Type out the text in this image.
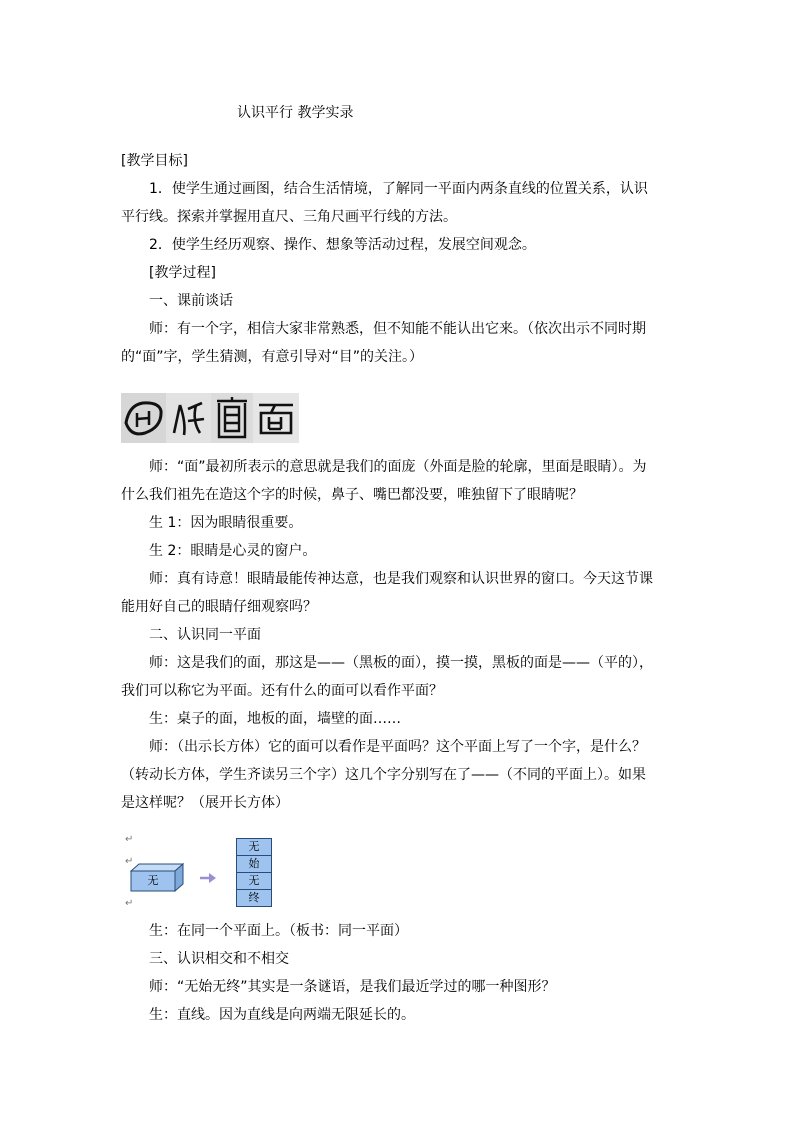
认识平行 教学实录
[教学目标]
1．使学生通过画图，结合生活情境，了解同一平面内两条直线的位置关系，认识
平行线。探索并掌握用直尺、三角尺画平行线的方法。
2．使学生经历观察、操作、想象等活动过程，发展空间观念。
[教学过程]
一、课前谈话
师：有一个字，相信大家非常熟悉，但不知能不能认出它来。（依次出示不同时期
的“面”字，学生猜测，有意引导对“目”的关注。）
师：“面”最初所表示的意思就是我们的面庞（外面是脸的轮廓，里面是眼睛）。为
什么我们祖先在造这个字的时候，鼻子、嘴巴都没要，唯独留下了眼睛呢？
生 1：因为眼睛很重要。
生 2：眼睛是心灵的窗户。
师：真有诗意！眼睛最能传神达意，也是我们观察和认识世界的窗口。今天这节课
能用好自己的眼睛仔细观察吗？
二、认识同一平面
师：这是我们的面，那这是——（黑板的面），摸一摸，黑板的面是——（平的），
我们可以称它为平面。还有什么的面可以看作平面？
生：桌子的面，地板的面，墙壁的面……
师：（出示长方体）它的面可以看作是平面吗？这个平面上写了一个字，是什么？
（转动长方体，学生齐读另三个字）这几个字分别写在了——（不同的平面上）。如果
是这样呢？（展开长方体）
↵
↵
↵
无
无
始
无
终
生：在同一个平面上。（板书：同一平面）
三、认识相交和不相交
师：“无始无终”其实是一条谜语，是我们最近学过的哪一种图形？
生：直线。因为直线是向两端无限延长的。
